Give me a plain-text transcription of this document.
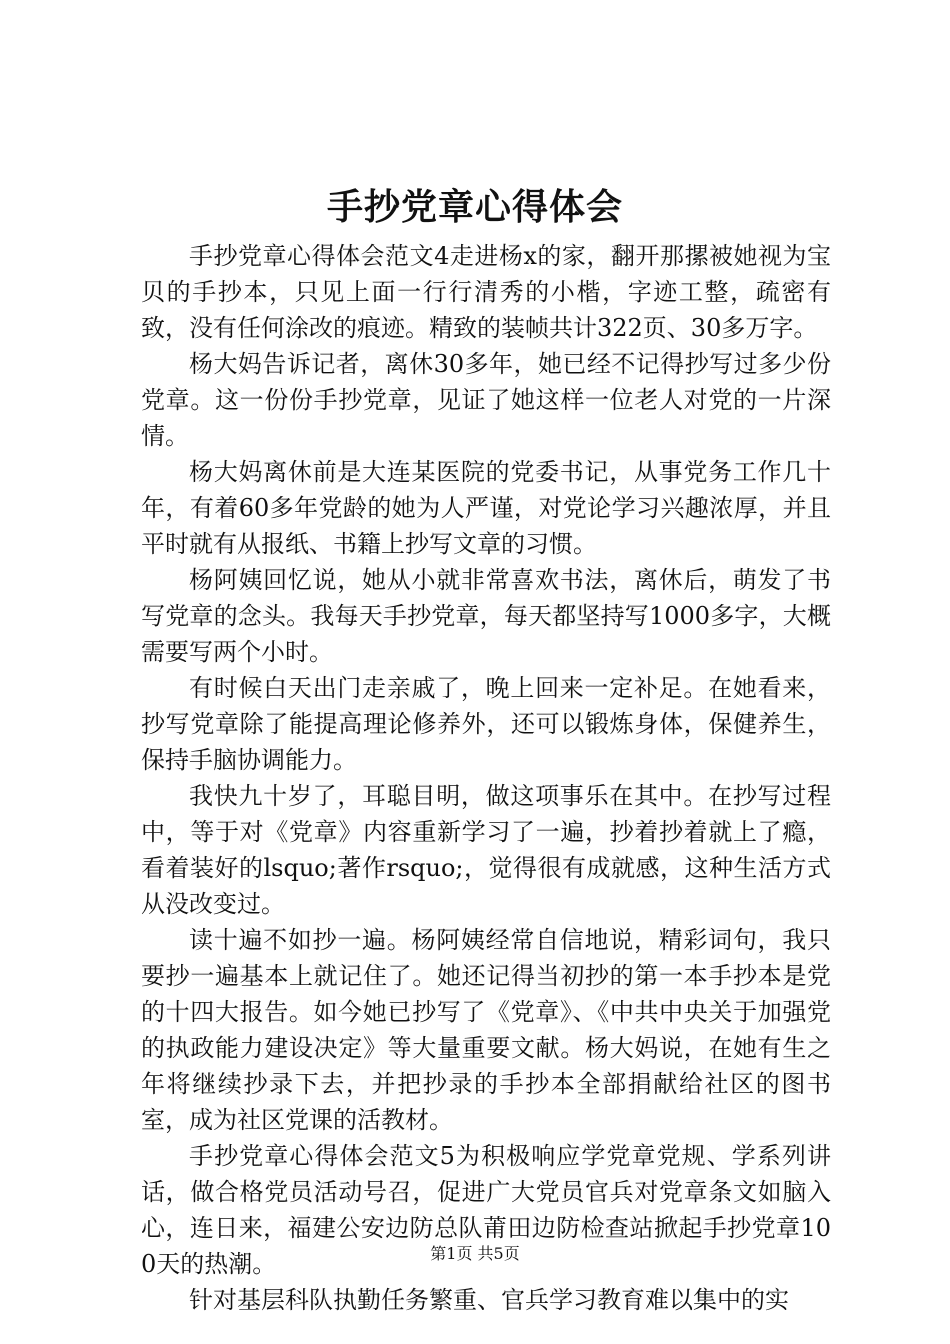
手抄党章心得体会

手抄党章心得体会范文4走进杨x的家，翻开那摞被她视为宝贝的手抄本，只见上面一行行清秀的小楷，字迹工整，疏密有致，没有任何涂改的痕迹。精致的装帧共计322页、30多万字。

杨大妈告诉记者，离休30多年，她已经不记得抄写过多少份党章。这一份份手抄党章，见证了她这样一位老人对党的一片深情。

杨大妈离休前是大连某医院的党委书记，从事党务工作几十年，有着60多年党龄的她为人严谨，对党论学习兴趣浓厚，并且平时就有从报纸、书籍上抄写文章的习惯。

杨阿姨回忆说，她从小就非常喜欢书法，离休后，萌发了书写党章的念头。我每天手抄党章，每天都坚持写1000多字，大概需要写两个小时。

有时候白天出门走亲戚了，晚上回来一定补足。在她看来，抄写党章除了能提高理论修养外，还可以锻炼身体，保健养生，保持手脑协调能力。

我快九十岁了，耳聪目明，做这项事乐在其中。在抄写过程中，等于对《党章》内容重新学习了一遍，抄着抄着就上了瘾，看着装好的lsquo;著作rsquo;，觉得很有成就感，这种生活方式从没改变过。

读十遍不如抄一遍。杨阿姨经常自信地说，精彩词句，我只要抄一遍基本上就记住了。她还记得当初抄的第一本手抄本是党的十四大报告。如今她已抄写了《党章》、《中共中央关于加强党的执政能力建设决定》等大量重要文献。杨大妈说，在她有生之年将继续抄录下去，并把抄录的手抄本全部捐献给社区的图书室，成为社区党课的活教材。

手抄党章心得体会范文5为积极响应学党章党规、学系列讲话，做合格党员活动号召，促进广大党员官兵对党章条文如脑入心，连日来，福建公安边防总队莆田边防检查站掀起手抄党章100天的热潮。

针对基层科队执勤任务繁重、官兵学习教育难以集中的实

第1页 共5页
